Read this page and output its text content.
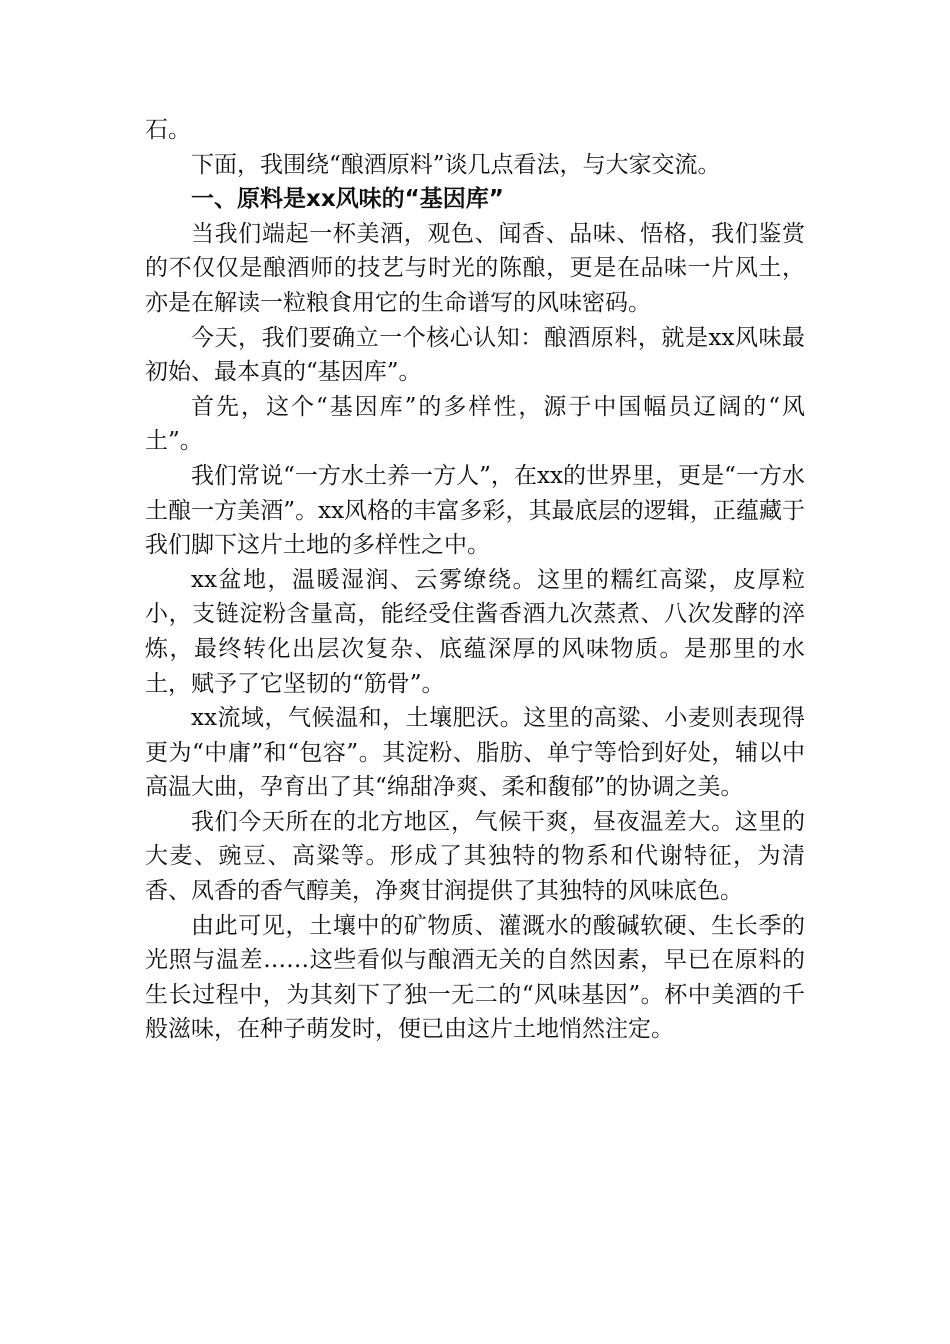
石。

下面，我围绕“酿酒原料”谈几点看法，与大家交流。

一、原料是xx风味的“基因库”

当我们端起一杯美酒，观色、闻香、品味、悟格，我们鉴赏的不仅仅是酿酒师的技艺与时光的陈酿，更是在品味一片风土，亦是在解读一粒粮食用它的生命谱写的风味密码。

今天，我们要确立一个核心认知：酿酒原料，就是xx风味最初始、最本真的“基因库”。

首先，这个“基因库”的多样性，源于中国幅员辽阔的“风土”。

我们常说“一方水土养一方人”，在xx的世界里，更是“一方水土酿一方美酒”。xx风格的丰富多彩，其最底层的逻辑，正蕴藏于我们脚下这片土地的多样性之中。

xx盆地，温暖湿润、云雾缭绕。这里的糯红高粱，皮厚粒小，支链淀粉含量高，能经受住酱香酒九次蒸煮、八次发酵的淬炼，最终转化出层次复杂、底蕴深厚的风味物质。是那里的水土，赋予了它坚韧的“筋骨”。

xx流域，气候温和，土壤肥沃。这里的高粱、小麦则表现得更为“中庸”和“包容”。其淀粉、脂肪、单宁等恰到好处，辅以中高温大曲，孕育出了其“绵甜净爽、柔和馥郁”的协调之美。

我们今天所在的北方地区，气候干爽，昼夜温差大。这里的大麦、豌豆、高粱等。形成了其独特的物系和代谢特征，为清香、凤香的香气醇美，净爽甘润提供了其独特的风味底色。

由此可见，土壤中的矿物质、灌溉水的酸碱软硬、生长季的光照与温差……这些看似与酿酒无关的自然因素，早已在原料的生长过程中，为其刻下了独一无二的“风味基因”。杯中美酒的千般滋味，在种子萌发时，便已由这片土地悄然注定。
